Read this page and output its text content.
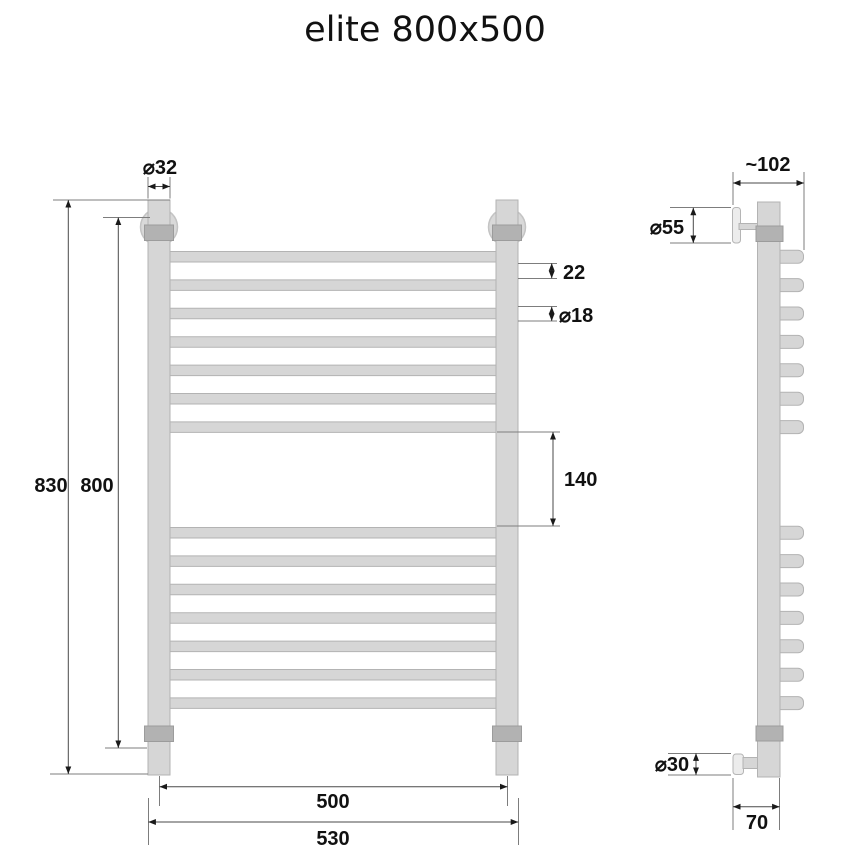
elite 800x500
⌀32
830 800
22
⌀18
140
500
530
~102
⌀55
⌀30
70
